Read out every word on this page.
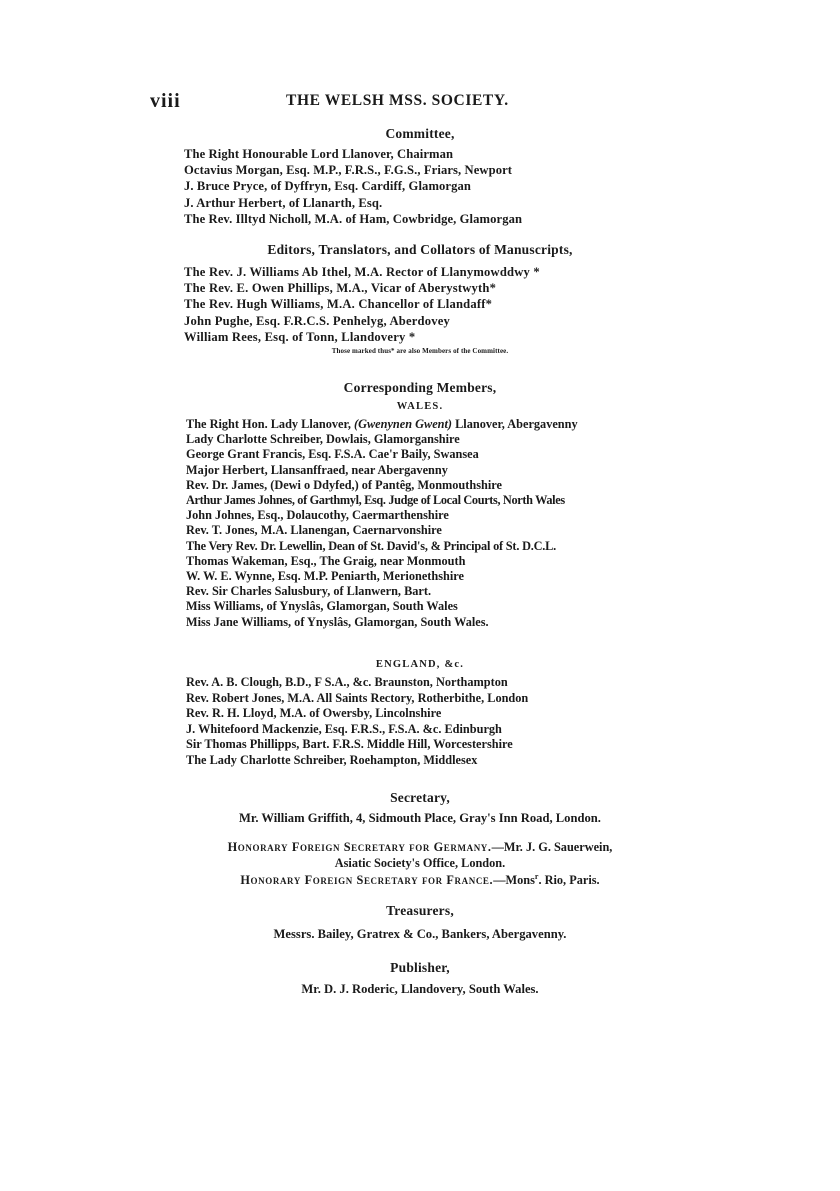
viii	THE WELSH MSS. SOCIETY.
Committee,
The Right Honourable Lord Llanover, Chairman
Octavius Morgan, Esq. M.P., F.R.S., F.G.S., Friars, Newport
J. Bruce Pryce, of Dyffryn, Esq. Cardiff, Glamorgan
J. Arthur Herbert, of Llanarth, Esq.
The Rev. Illtyd Nicholl, M.A. of Ham, Cowbridge, Glamorgan
Editors, Translators, and Collators of Manuscripts,
The Rev. J. Williams Ab Ithel, M.A. Rector of Llanymowddwy *
The Rev. E. Owen Phillips, M.A., Vicar of Aberystwyth*
The Rev. Hugh Williams, M.A. Chancellor of Llandaff*
John Pughe, Esq. F.R.C.S. Penhelyg, Aberdovey
William Rees, Esq. of Tonn, Llandovery *
Those marked thus* are also Members of the Committee.
Corresponding Members,
WALES.
The Right Hon. Lady Llanover, (Gwenynen Gwent) Llanover, Abergavenny
Lady Charlotte Schreiber, Dowlais, Glamorganshire
George Grant Francis, Esq. F.S.A. Cae'r Baily, Swansea
Major Herbert, Llansanffraed, near Abergavenny
Rev. Dr. James, (Dewi o Ddyfed,) of Pantêg, Monmouthshire
Arthur James Johnes, of Garthmyl, Esq. Judge of Local Courts, North Wales
John Johnes, Esq., Dolaucothy, Caermarthenshire
Rev. T. Jones, M.A. Llanengan, Caernarvonshire
The Very Rev. Dr. Lewellin, Dean of St. David's, & Principal of St. D.C.L.
Thomas Wakeman, Esq., The Graig, near Monmouth
W. W. E. Wynne, Esq. M.P. Peniarth, Merionethshire
Rev. Sir Charles Salusbury, of Llanwern, Bart.
Miss Williams, of Ynyslâs, Glamorgan, South Wales
Miss Jane Williams, of Ynyslâs, Glamorgan, South Wales.
ENGLAND, &c.
Rev. A. B. Clough, B.D., F S.A., &c. Braunston, Northampton
Rev. Robert Jones, M.A. All Saints Rectory, Rotherbithe, London
Rev. R. H. Lloyd, M.A. of Owersby, Lincolnshire
J. Whitefoord Mackenzie, Esq. F.R.S., F.S.A. &c. Edinburgh
Sir Thomas Phillipps, Bart. F.R.S. Middle Hill, Worcestershire
The Lady Charlotte Schreiber, Roehampton, Middlesex
Secretary,
Mr. William Griffith, 4, Sidmouth Place, Gray's Inn Road, London.
Honorary Foreign Secretary for Germany.—Mr. J. G. Sauerwein,
Asiatic Society's Office, London.
Honorary Foreign Secretary for France.—Mons$^r$. Rio, Paris.
Treasurers,
Messrs. Bailey, Gratrex & Co., Bankers, Abergavenny.
Publisher,
Mr. D. J. Roderic, Llandovery, South Wales.
